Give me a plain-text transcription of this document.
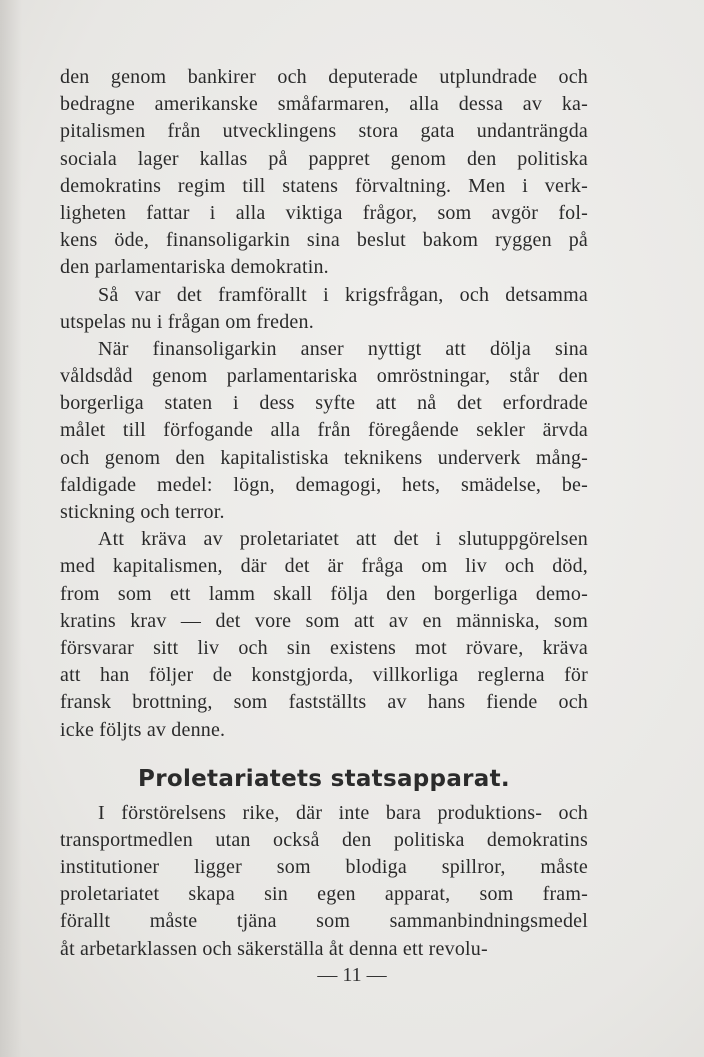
den genom bankirer och deputerade utplundrade och
bedragne amerikanske småfarmaren, alla dessa av ka-
pitalismen från utvecklingens stora gata undanträngda
sociala lager kallas på pappret genom den politiska
demokratins regim till statens förvaltning. Men i verk-
ligheten fattar i alla viktiga frågor, som avgör fol-
kens öde, finansoligarkin sina beslut bakom ryggen på
den parlamentariska demokratin.
Så var det framförallt i krigsfrågan, och detsamma
utspelas nu i frågan om freden.
När finansoligarkin anser nyttigt att dölja sina
våldsdåd genom parlamentariska omröstningar, står den
borgerliga staten i dess syfte att nå det erfordrade
målet till förfogande alla från föregående sekler ärvda
och genom den kapitalistiska teknikens underverk mång-
faldigade medel: lögn, demagogi, hets, smädelse, be-
stickning och terror.
Att kräva av proletariatet att det i slutuppgörelsen
med kapitalismen, där det är fråga om liv och död,
from som ett lamm skall följa den borgerliga demo-
kratins krav — det vore som att av en människa, som
försvarar sitt liv och sin existens mot rövare, kräva
att han följer de konstgjorda, villkorliga reglerna för
fransk brottning, som fastställts av hans fiende och
icke följts av denne.
Proletariatets statsapparat.
I förstörelsens rike, där inte bara produktions- och
transportmedlen utan också den politiska demokratins
institutioner ligger som blodiga spillror, måste
proletariatet skapa sin egen apparat, som fram-
förallt måste tjäna som sammanbindningsmedel
åt arbetarklassen och säkerställa åt denna ett revolu-
— 11 —
